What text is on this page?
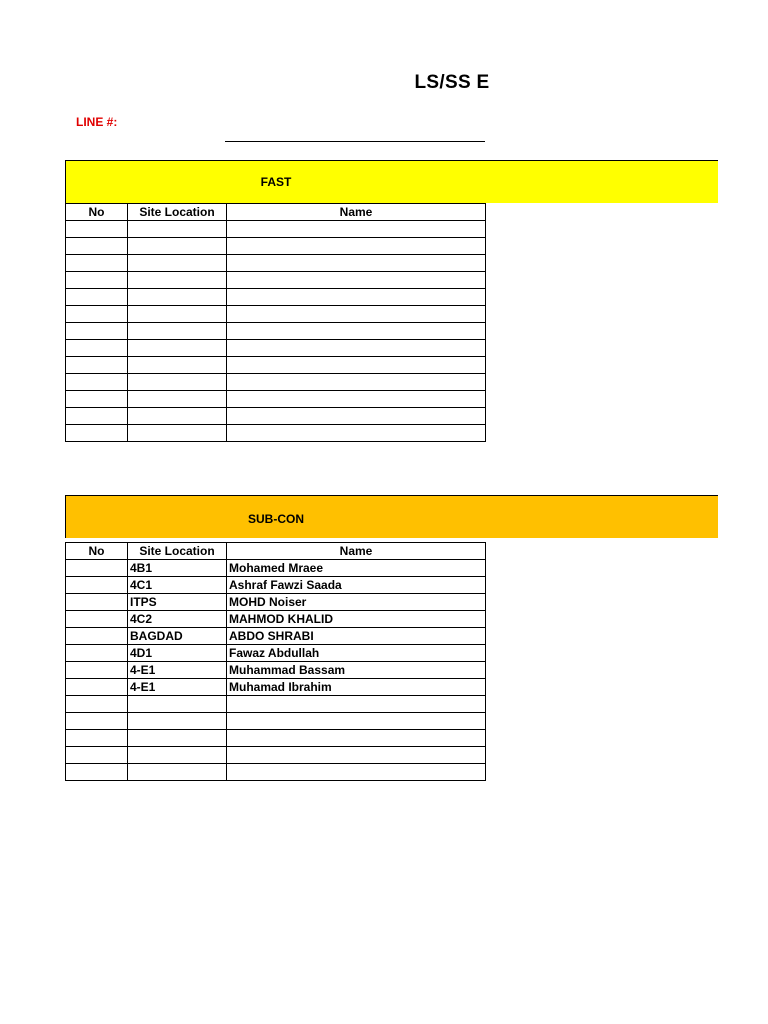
LS/SS E
LINE #:
FAST
No	Site Location	Name

SUB-CON
No	Site Location	Name
	4B1	Mohamed Mraee
	4C1	Ashraf Fawzi Saada
	ITPS	MOHD Noiser
	4C2	MAHMOD KHALID
	BAGDAD	ABDO SHRABI
	4D1	Fawaz Abdullah
	4-E1	Muhammad Bassam
	4-E1	Muhamad Ibrahim
